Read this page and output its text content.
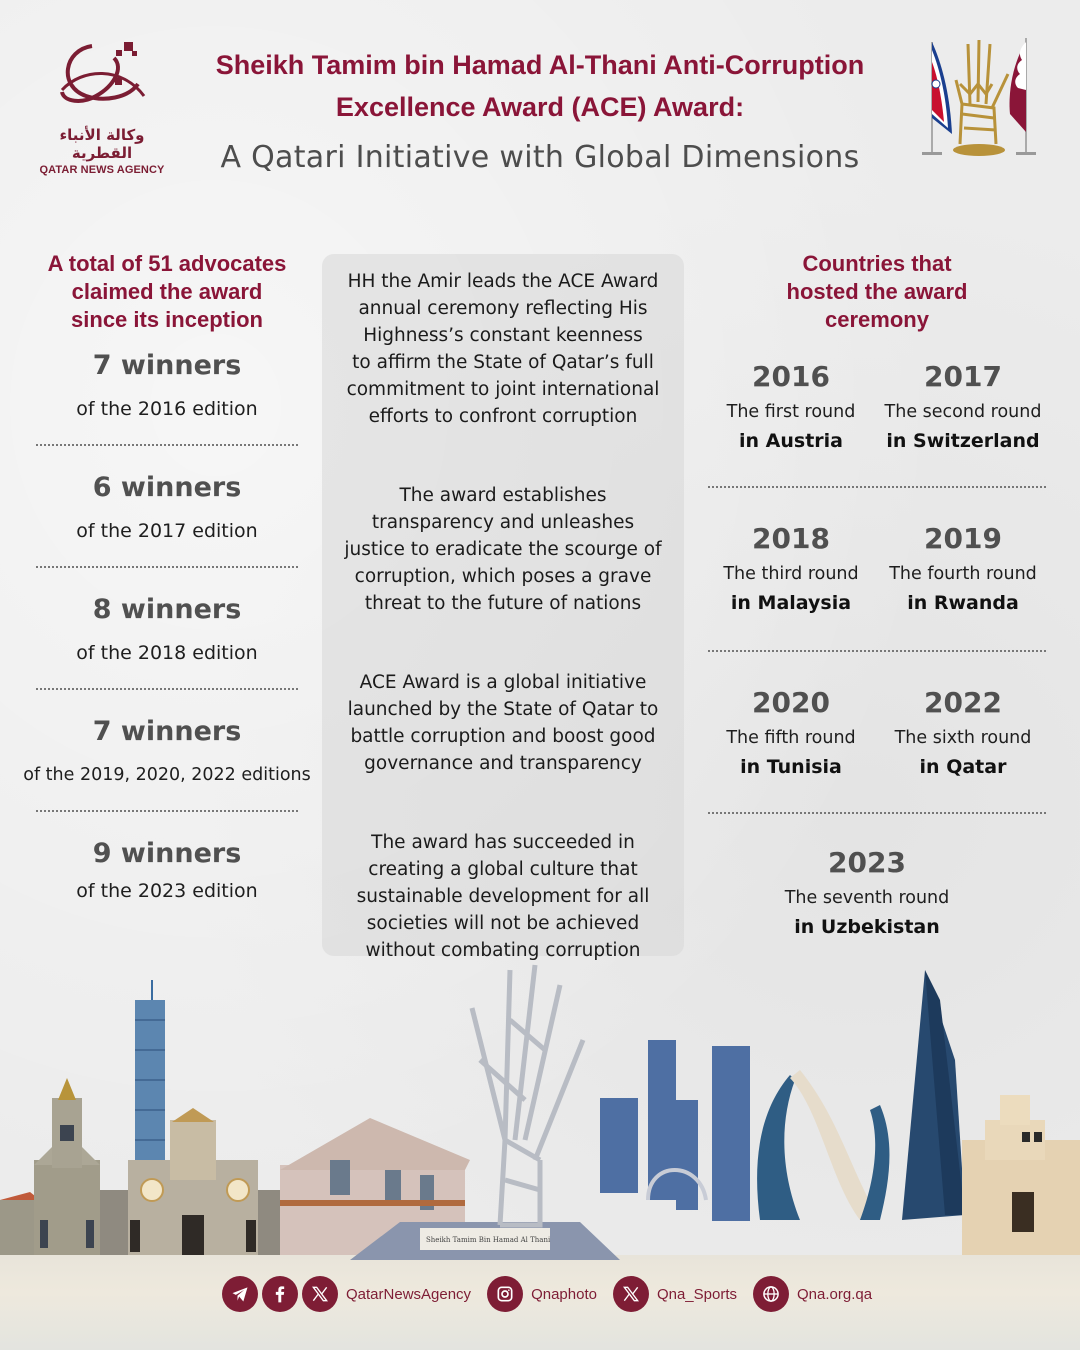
وكالة الأنباء القطرية
QATAR NEWS AGENCY
Sheikh Tamim bin Hamad Al-Thani Anti-Corruption
Excellence Award (ACE) Award:
A Qatari Initiative with Global Dimensions
A total of 51 advocates
claimed the award
since its inception
7 winners
of the 2016 edition
6 winners
of the 2017 edition
8 winners
of the 2018 edition
7 winners
of the 2019, 2020, 2022 editions
9 winners
of the 2023 edition

HH the Amir leads the ACE Award
annual ceremony reflecting His
Highness’s constant keenness
to affirm the State of Qatar’s full
commitment to joint international
efforts to confront corruption

The award establishes
transparency and unleashes
justice to eradicate the scourge of
corruption, which poses a grave
threat to the future of nations

ACE Award is a global initiative
launched by the State of Qatar to
battle corruption and boost good
governance and transparency

The award has succeeded in
creating a global culture that
sustainable development for all
societies will not be achieved
without combating corruption

Countries that
hosted the award
ceremony
2016
The first round
in Austria
2017
The second round
in Switzerland
2018
The third round
in Malaysia
2019
The fourth round
in Rwanda
2020
The fifth round
in Tunisia
2022
The sixth round
in Qatar
2023
The seventh round
in Uzbekistan
Sheikh Tamim Bin Hamad Al Thani
QatarNewsAgency	Qnaphoto	Qna_Sports	Qna.org.qa
